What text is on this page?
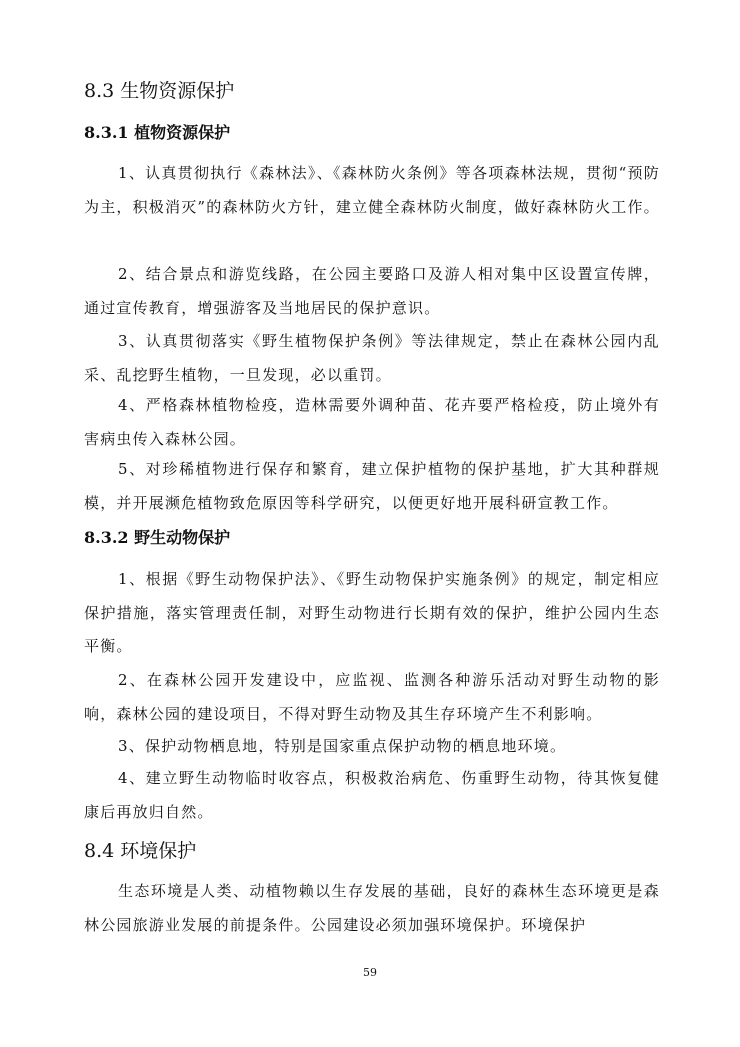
8.3 生物资源保护
8.3.1 植物资源保护

1、认真贯彻执行《森林法》、《森林防火条例》等各项森林法规，贯彻“预防为主，积极消灭”的森林防火方针，建立健全森林防火制度，做好森林防火工作。

2、结合景点和游览线路，在公园主要路口及游人相对集中区设置宣传牌，通过宣传教育，增强游客及当地居民的保护意识。

3、认真贯彻落实《野生植物保护条例》等法律规定，禁止在森林公园内乱采、乱挖野生植物，一旦发现，必以重罚。

4、严格森林植物检疫，造林需要外调种苗、花卉要严格检疫，防止境外有害病虫传入森林公园。

5、对珍稀植物进行保存和繁育，建立保护植物的保护基地，扩大其种群规模，并开展濒危植物致危原因等科学研究，以便更好地开展科研宣教工作。

8.3.2 野生动物保护

1、根据《野生动物保护法》、《野生动物保护实施条例》的规定，制定相应保护措施，落实管理责任制，对野生动物进行长期有效的保护，维护公园内生态平衡。

2、在森林公园开发建设中，应监视、监测各种游乐活动对野生动物的影响，森林公园的建设项目，不得对野生动物及其生存环境产生不利影响。

3、保护动物栖息地，特别是国家重点保护动物的栖息地环境。

4、建立野生动物临时收容点，积极救治病危、伤重野生动物，待其恢复健康后再放归自然。

8.4 环境保护

生态环境是人类、动植物赖以生存发展的基础，良好的森林生态环境更是森林公园旅游业发展的前提条件。公园建设必须加强环境保护。环境保护

59
